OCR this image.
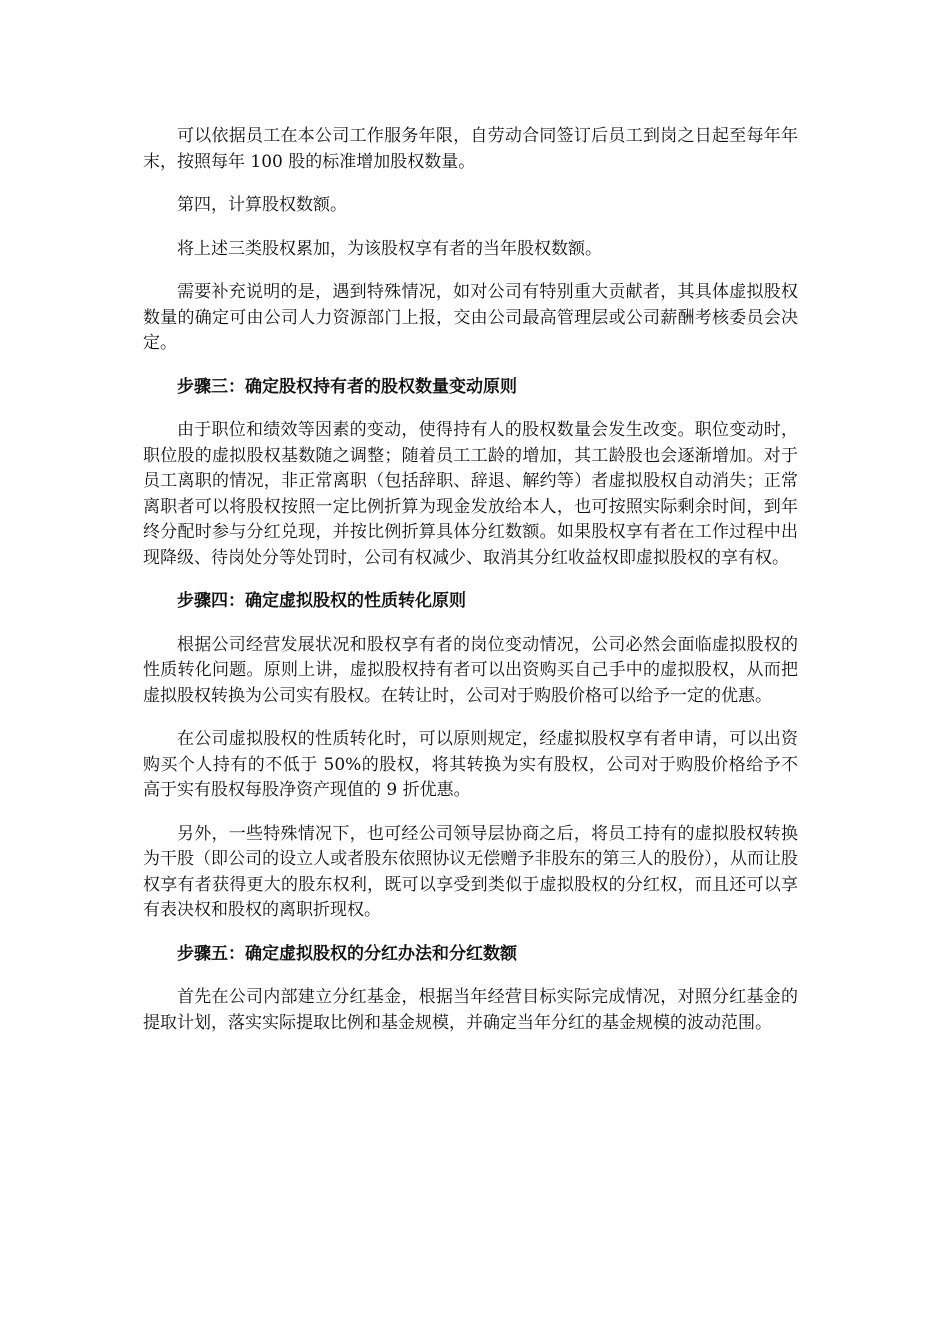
可以依据员工在本公司工作服务年限，自劳动合同签订后员工到岗之日起至每年年末，按照每年 100 股的标准增加股权数量。

第四，计算股权数额。

将上述三类股权累加，为该股权享有者的当年股权数额。

需要补充说明的是，遇到特殊情况，如对公司有特别重大贡献者，其具体虚拟股权数量的确定可由公司人力资源部门上报，交由公司最高管理层或公司薪酬考核委员会决定。

步骤三：确定股权持有者的股权数量变动原则

由于职位和绩效等因素的变动，使得持有人的股权数量会发生改变。职位变动时，职位股的虚拟股权基数随之调整；随着员工工龄的增加，其工龄股也会逐渐增加。对于员工离职的情况，非正常离职（包括辞职、辞退、解约等）者虚拟股权自动消失；正常离职者可以将股权按照一定比例折算为现金发放给本人，也可按照实际剩余时间，到年终分配时参与分红兑现，并按比例折算具体分红数额。如果股权享有者在工作过程中出现降级、待岗处分等处罚时，公司有权减少、取消其分红收益权即虚拟股权的享有权。

步骤四：确定虚拟股权的性质转化原则

根据公司经营发展状况和股权享有者的岗位变动情况，公司必然会面临虚拟股权的性质转化问题。原则上讲，虚拟股权持有者可以出资购买自己手中的虚拟股权，从而把虚拟股权转换为公司实有股权。在转让时，公司对于购股价格可以给予一定的优惠。

在公司虚拟股权的性质转化时，可以原则规定，经虚拟股权享有者申请，可以出资购买个人持有的不低于 50%的股权，将其转换为实有股权，公司对于购股价格给予不高于实有股权每股净资产现值的 9 折优惠。

另外，一些特殊情况下，也可经公司领导层协商之后，将员工持有的虚拟股权转换为干股（即公司的设立人或者股东依照协议无偿赠予非股东的第三人的股份），从而让股权享有者获得更大的股东权利，既可以享受到类似于虚拟股权的分红权，而且还可以享有表决权和股权的离职折现权。

步骤五：确定虚拟股权的分红办法和分红数额

首先在公司内部建立分红基金，根据当年经营目标实际完成情况，对照分红基金的提取计划，落实实际提取比例和基金规模，并确定当年分红的基金规模的波动范围。
